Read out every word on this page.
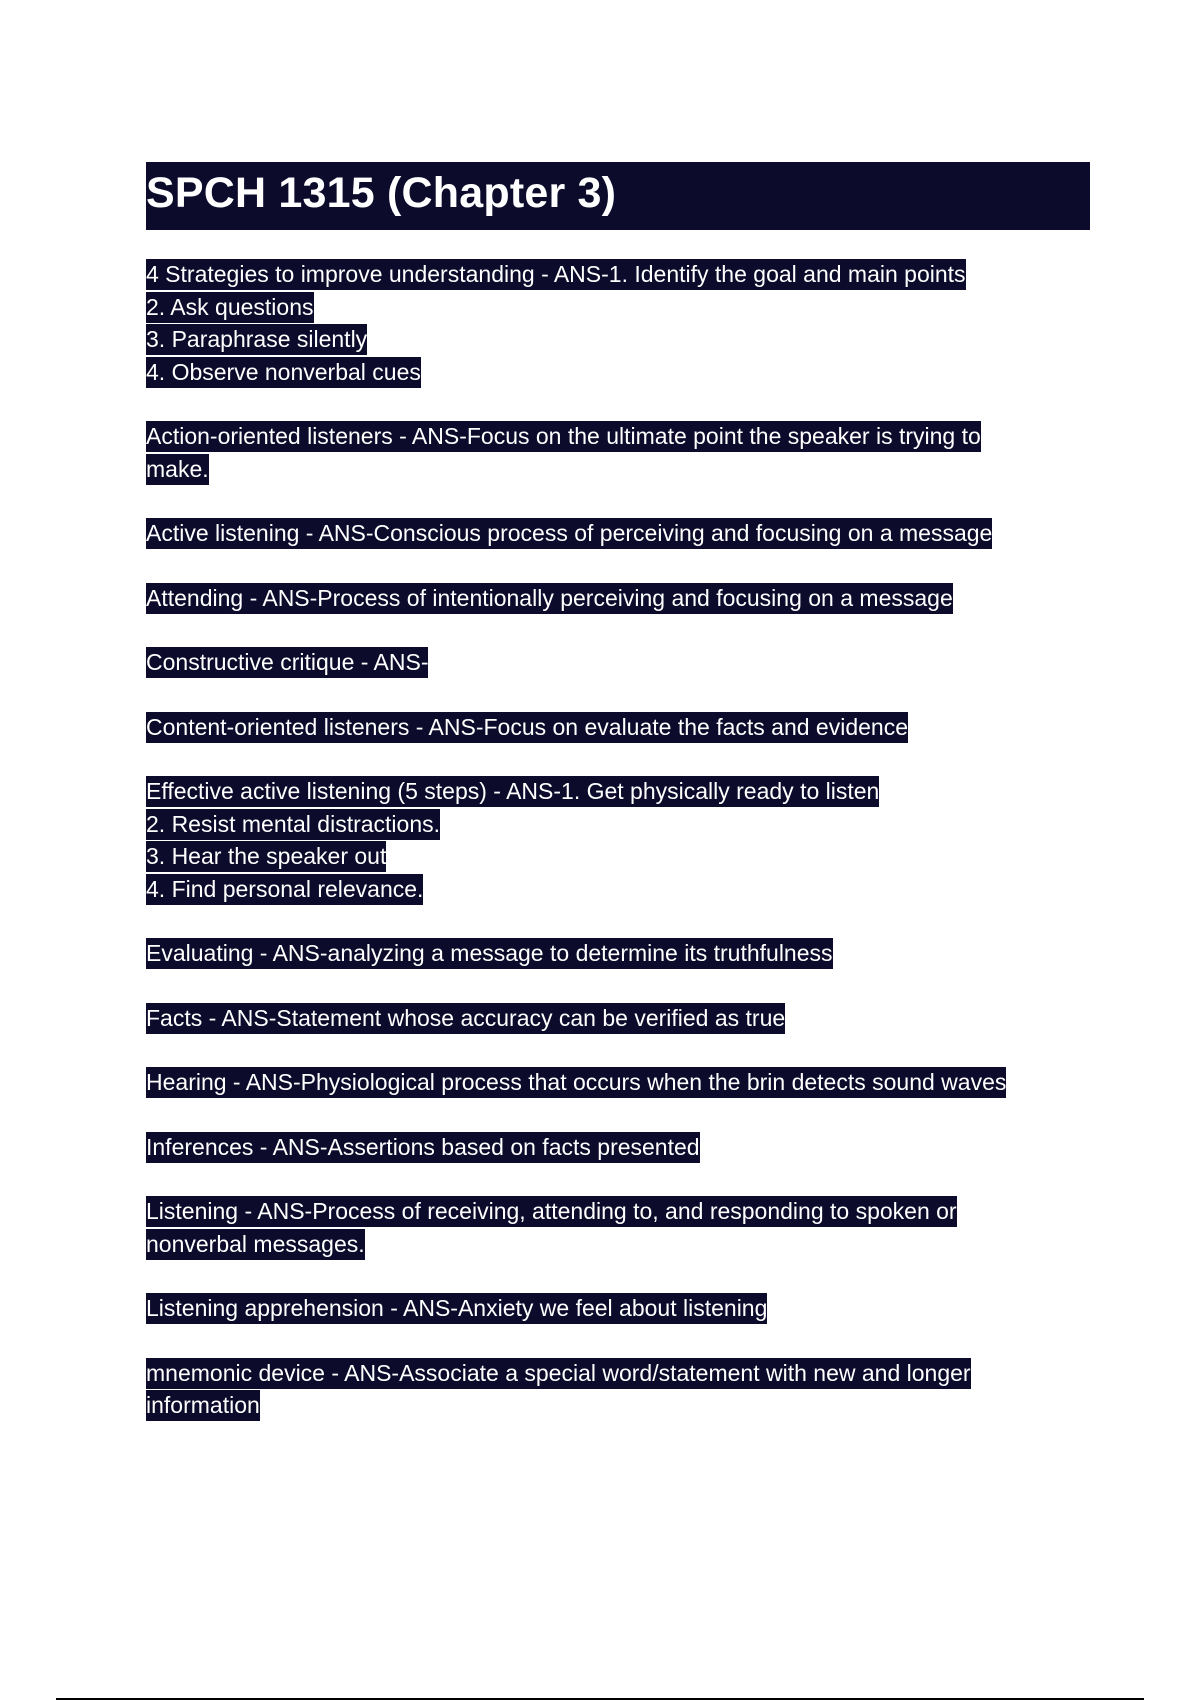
SPCH 1315 (Chapter 3)
4 Strategies to improve understanding - ANS-1. Identify the goal and main points
2. Ask questions
3. Paraphrase silently
4. Observe nonverbal cues
Action-oriented listeners - ANS-Focus on the ultimate point the speaker is trying to
make.
Active listening - ANS-Conscious process of perceiving and focusing on a message
Attending - ANS-Process of intentionally perceiving and focusing on a message
Constructive critique - ANS-
Content-oriented listeners - ANS-Focus on evaluate the facts and evidence
Effective active listening (5 steps) - ANS-1. Get physically ready to listen
2. Resist mental distractions.
3. Hear the speaker out
4. Find personal relevance.
Evaluating - ANS-analyzing a message to determine its truthfulness
Facts - ANS-Statement whose accuracy can be verified as true
Hearing - ANS-Physiological process that occurs when the brin detects sound waves
Inferences - ANS-Assertions based on facts presented
Listening - ANS-Process of receiving, attending to, and responding to spoken or
nonverbal messages.
Listening apprehension - ANS-Anxiety we feel about listening
mnemonic device - ANS-Associate a special word/statement with new and longer
information
